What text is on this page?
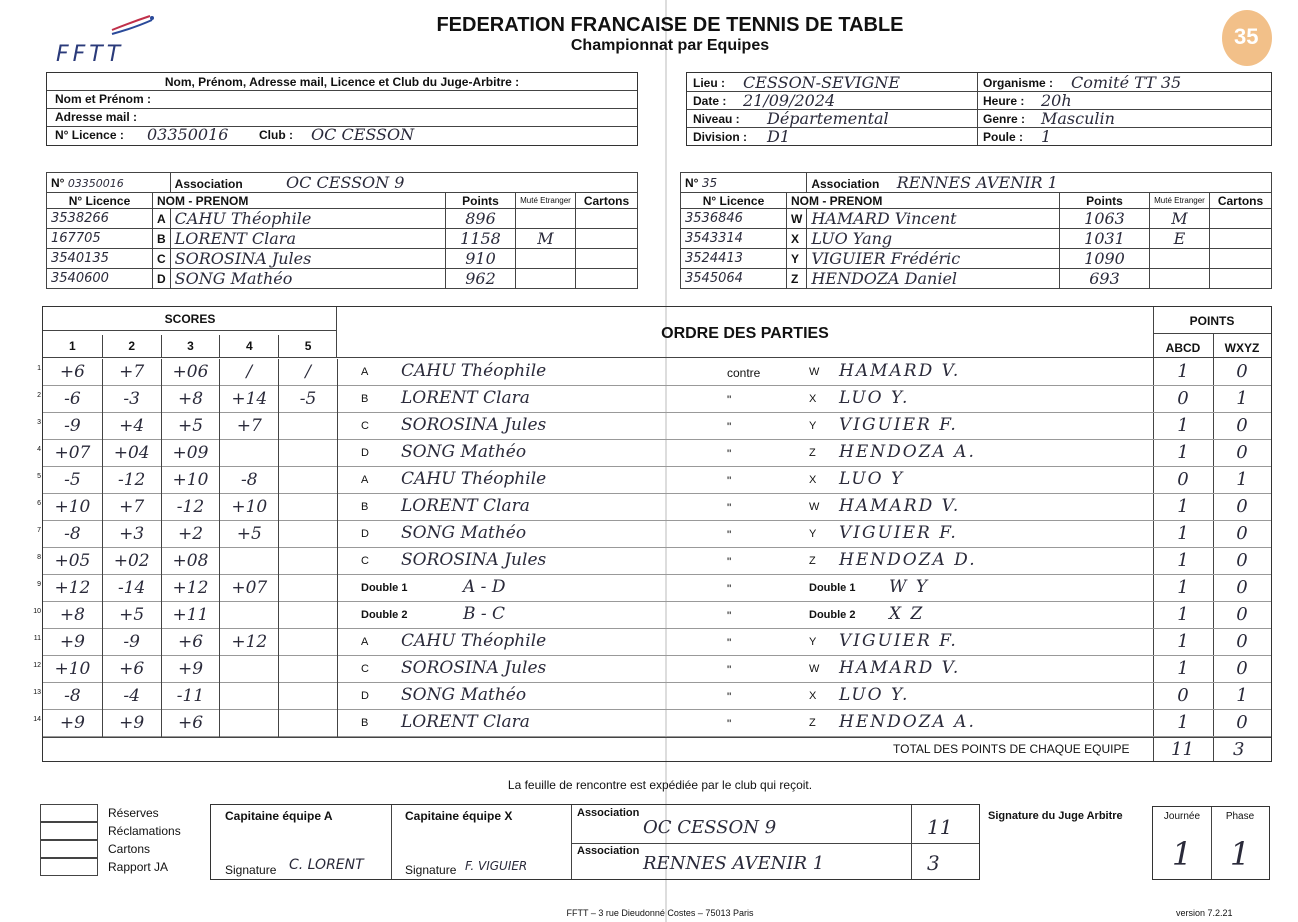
FFTT
FEDERATION FRANCAISE DE TENNIS DE TABLE
Championnat par Equipes	35
Nom, Prénom, Adresse mail, Licence et Club du Juge-Arbitre :
Nom et Prénom :
Adresse mail :
N° Licence : 03350016	Club : OC CESSON
Lieu : CESSON-SEVIGNE
Date : 21/09/2024
Niveau : Départemental
Division : D1
Organisme : Comité TT 35
Heure : 20h
Genre : Masculin
Poule : 1
N° 03350016		Association OC CESSON 9			
N° Licence	NOM - PRENOM		Points	Muté Etranger	Cartons
3538266	A	CAHU Théophile	896		
167705	B	LORENT Clara	1158	M	
3540135	C	SOROSINA Jules	910		
3540600	D	SONG Mathéo	962		
N° 35		Association RENNES AVENIR 1			
N° Licence	NOM - PRENOM		Points	Muté Etranger	Cartons
3536846	W	HAMARD Vincent	1063	M	
3543314	X	LUO Yang	1031	E	
3524413	Y	VIGUIER Frédéric	1090		
3545064	Z	HENDOZA Daniel	693		
SCORES
1	2	3	4	5
ORDRE DES PARTIES
POINTS
ABCD	WXYZ
1	+6	+7	+06	/	/	A CAHU Théophile	contre	W HAMARD V.	1	0
2	-6	-3	+8	+14	-5	B LORENT Clara	"	X LUO Y.	0	1
3	-9	+4	+5	+7	C SOROSINA Jules	"	Y VIGUIER F.	1	0
4 +07	+04	+09	D SONG Mathéo	"	Z HENDOZA A.	1	0
5	-5	-12	+10	-8	A CAHU Théophile	"	X LUO Y	0	1
6 +10	+7	-12	+10	B LORENT Clara	"	W HAMARD V.	1	0
7	-8	+3	+2	+5	D SONG Mathéo	"	Y VIGUIER F.	1	0
8 +05	+02	+08	C SOROSINA Jules	"	Z HENDOZA D.	1	0
9 +12	-14	+12	+07	Double 1	A - D	"	Double 1 W Y	1	0
10	+8	+5	+11	Double 2	B - C	"	Double 2 X Z	1	0
11	+9	-9	+6	+12	A CAHU Théophile	"	Y VIGUIER F.	1	0
12 +10	+6	+9	C SOROSINA Jules	"	W HAMARD V.	1	0
13	-8	-4	-11	D SONG Mathéo	"	X LUO Y.	0	1
14	+9	+9	+6	B LORENT Clara	"	Z HENDOZA A.	1	0
TOTAL DES POINTS DE CHAQUE EQUIPE 11 3
La feuille de rencontre est expédiée par le club qui reçoit.
Réserves
Réclamations
Cartons
Rapport JA
Capitaine équipe A
Signature C. LORENT
Capitaine équipe X
Signature F. VIGUIER
Association
OC CESSON 9	11
Association
RENNES AVENIR 1	3
Signature du Juge Arbitre	Journée
1
Phase
1
FFTT – 3 rue Dieudonné Costes – 75013 Paris	version 7.2.21
